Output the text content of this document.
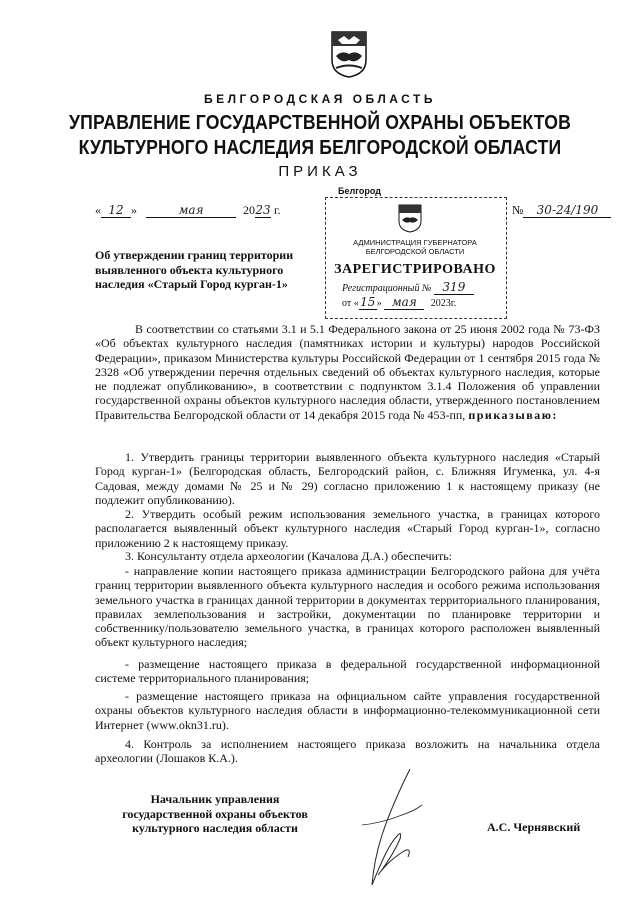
БЕЛГОРОДСКАЯ ОБЛАСТЬ
УПРАВЛЕНИЕ ГОСУДАРСТВЕННОЙ ОХРАНЫ ОБЪЕКТОВ
КУЛЬТУРНОГО НАСЛЕДИЯ БЕЛГОРОДСКОЙ ОБЛАСТИ
ПРИКАЗ
Белгород
« 12 »	мая	2023 г.	№ 30-24/190
АДМИНИСТРАЦИЯ ГУБЕРНАТОРА
БЕЛГОРОДСКОЙ ОБЛАСТИ
ЗАРЕГИСТРИРОВАНО
Регистрационный № 319
от «15» мая 2023г.
Об утверждении границ территории выявленного объекта культурного наследия «Старый Город курган-1»
В соответствии со статьями 3.1 и 5.1 Федерального закона от 25 июня 2002 года № 73-ФЗ «Об объектах культурного наследия (памятниках истории и культуры) народов Российской Федерации», приказом Министерства культуры Российской Федерации от 1 сентября 2015 года № 2328 «Об утверждении перечня отдельных сведений об объектах культурного наследия, которые не подлежат опубликованию», в соответствии с подпунктом 3.1.4 Положения об управлении государственной охраны объектов культурного наследия области, утвержденного постановлением Правительства Белгородской области от 14 декабря 2015 года № 453-пп, приказываю:
1. Утвердить границы территории выявленного объекта культурного наследия «Старый Город курган-1» (Белгородская область, Белгородский район, с. Ближняя Игуменка, ул. 4-я Садовая, между домами № 25 и № 29) согласно приложению 1 к настоящему приказу (не подлежит опубликованию).
2. Утвердить особый режим использования земельного участка, в границах которого располагается выявленный объект культурного наследия «Старый Город курган-1», согласно приложению 2 к настоящему приказу.
3. Консультанту отдела археологии (Качалова Д.А.) обеспечить:
- направление копии настоящего приказа администрации Белгородского района для учёта границ территории выявленного объекта культурного наследия и особого режима использования земельного участка в границах данной территории в документах территориального планирования, правилах землепользования и застройки, документации по планировке территории и собственнику/пользователю земельного участка, в границах которого расположен выявленный объект культурного наследия;
- размещение настоящего приказа в федеральной государственной информационной системе территориального планирования;
- размещение настоящего приказа на официальном сайте управления государственной охраны объектов культурного наследия области в информационно-телекоммуникационной сети Интернет (www.okn31.ru).
4. Контроль за исполнением настоящего приказа возложить на начальника отдела археологии (Лошаков К.А.).
Начальник управления
государственной охраны объектов
культурного наследия области	А.С. Чернявский
